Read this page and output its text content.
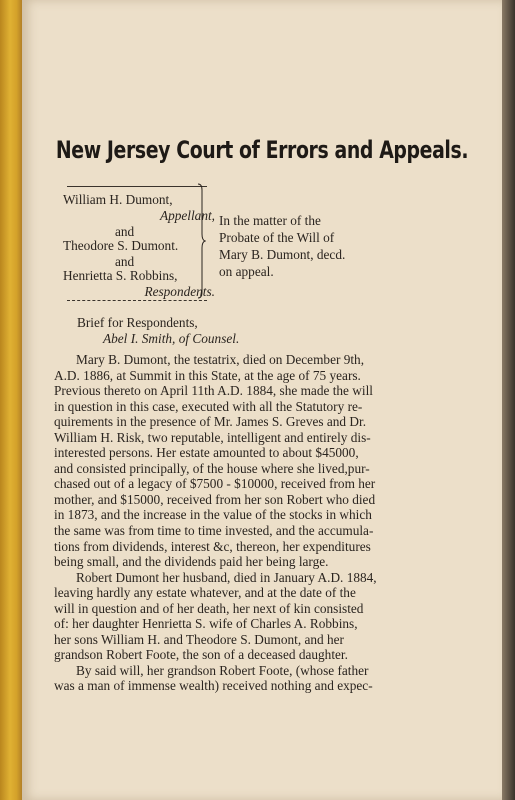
New Jersey Court of Errors and Appeals.
William H. Dumont,
Appellant,
and
Theodore S. Dumont.
and
Henrietta S. Robbins,
Respondents.
In the matter of the
Probate of the Will of
Mary B. Dumont, decd.
on appeal.
Brief for Respondents,
Abel I. Smith, of Counsel.
Mary B. Dumont, the testatrix, died on December 9th,
A.D. 1886, at Summit in this State, at the age of 75 years.
Previous thereto on April 11th A.D. 1884, she made the will
in question in this case, executed with all the Statutory re-
quirements in the presence of Mr. James S. Greves and Dr.
William H. Risk, two reputable, intelligent and entirely dis-
interested persons. Her estate amounted to about $45000,
and consisted principally, of the house where she lived,pur-
chased out of a legacy of $7500 - $10000, received from her
mother, and $15000, received from her son Robert who died
in 1873, and the increase in the value of the stocks in which
the same was from time to time invested, and the accumula-
tions from dividends, interest &c, thereon, her expenditures
being small, and the dividends paid her being large.
Robert Dumont her husband, died in January A.D. 1884,
leaving hardly any estate whatever, and at the date of the
will in question and of her death, her next of kin consisted
of: her daughter Henrietta S. wife of Charles A. Robbins,
her sons William H. and Theodore S. Dumont, and her
grandson Robert Foote, the son of a deceased daughter.
By said will, her grandson Robert Foote, (whose father
was a man of immense wealth) received nothing and expec-
